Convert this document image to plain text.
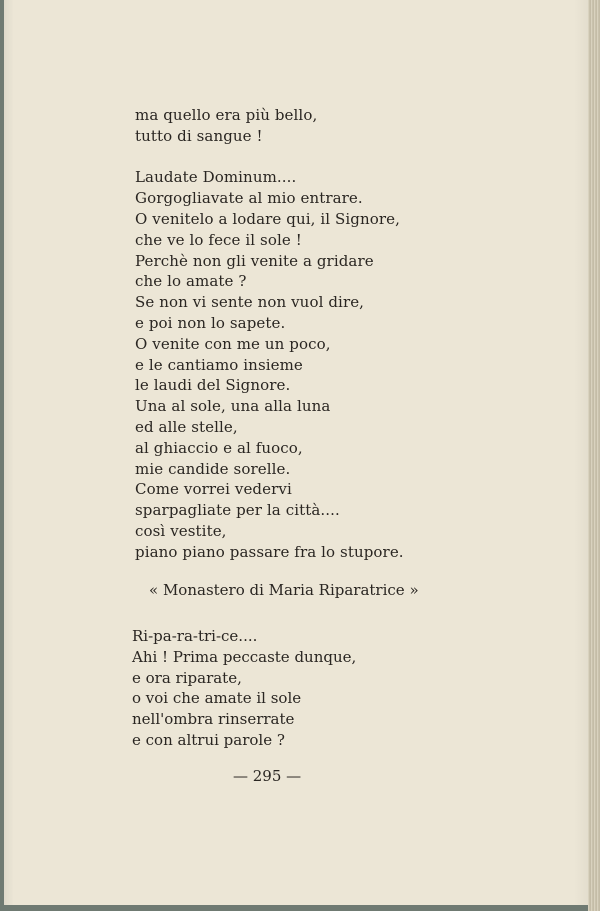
ma quello era più bello,
tutto di sangue !
Laudate Dominum....
Gorgogliavate al mio entrare.
O venitelo a lodare qui, il Signore,
che ve lo fece il sole !
Perchè non gli venite a gridare
che lo amate ?
Se non vi sente non vuol dire,
e poi non lo sapete.
O venite con me un poco,
e le cantiamo insieme
le laudi del Signore.
Una al sole, una alla luna
ed alle stelle,
al ghiaccio e al fuoco,
mie candide sorelle.
Come vorrei vedervi
sparpagliate per la città....
così vestite,
piano piano passare fra lo stupore.
« Monastero di Maria Riparatrice »
Ri-pa-ra-tri-ce....
Ahi ! Prima peccaste dunque,
e ora riparate,
o voi che amate il sole
nell'ombra rinserrate
e con altrui parole ?
— 295 —
